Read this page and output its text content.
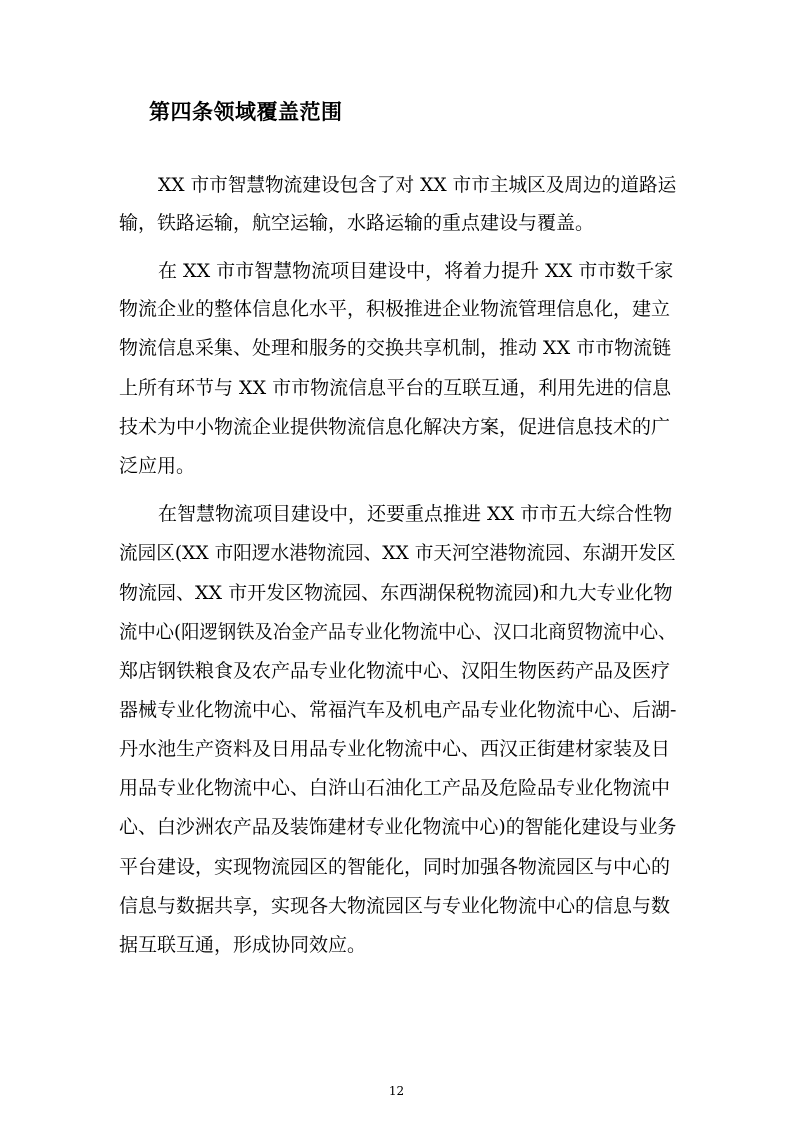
第四条领域覆盖范围
XX 市市智慧物流建设包含了对 XX 市市主城区及周边的道路运
输，铁路运输，航空运输，水路运输的重点建设与覆盖。
在 XX 市市智慧物流项目建设中，将着力提升 XX 市市数千家
物流企业的整体信息化水平，积极推进企业物流管理信息化，建立
物流信息采集、处理和服务的交换共享机制，推动 XX 市市物流链
上所有环节与 XX 市市物流信息平台的互联互通，利用先进的信息
技术为中小物流企业提供物流信息化解决方案，促进信息技术的广
泛应用。
在智慧物流项目建设中，还要重点推进 XX 市市五大综合性物
流园区(XX 市阳逻水港物流园、XX 市天河空港物流园、东湖开发区
物流园、XX 市开发区物流园、东西湖保税物流园)和九大专业化物
流中心(阳逻钢铁及冶金产品专业化物流中心、汉口北商贸物流中心、
郑店钢铁粮食及农产品专业化物流中心、汉阳生物医药产品及医疗
器械专业化物流中心、常福汽车及机电产品专业化物流中心、后湖-
丹水池生产资料及日用品专业化物流中心、西汉正街建材家装及日
用品专业化物流中心、白浒山石油化工产品及危险品专业化物流中
心、白沙洲农产品及装饰建材专业化物流中心)的智能化建设与业务
平台建设，实现物流园区的智能化，同时加强各物流园区与中心的
信息与数据共享，实现各大物流园区与专业化物流中心的信息与数
据互联互通，形成协同效应。
12
